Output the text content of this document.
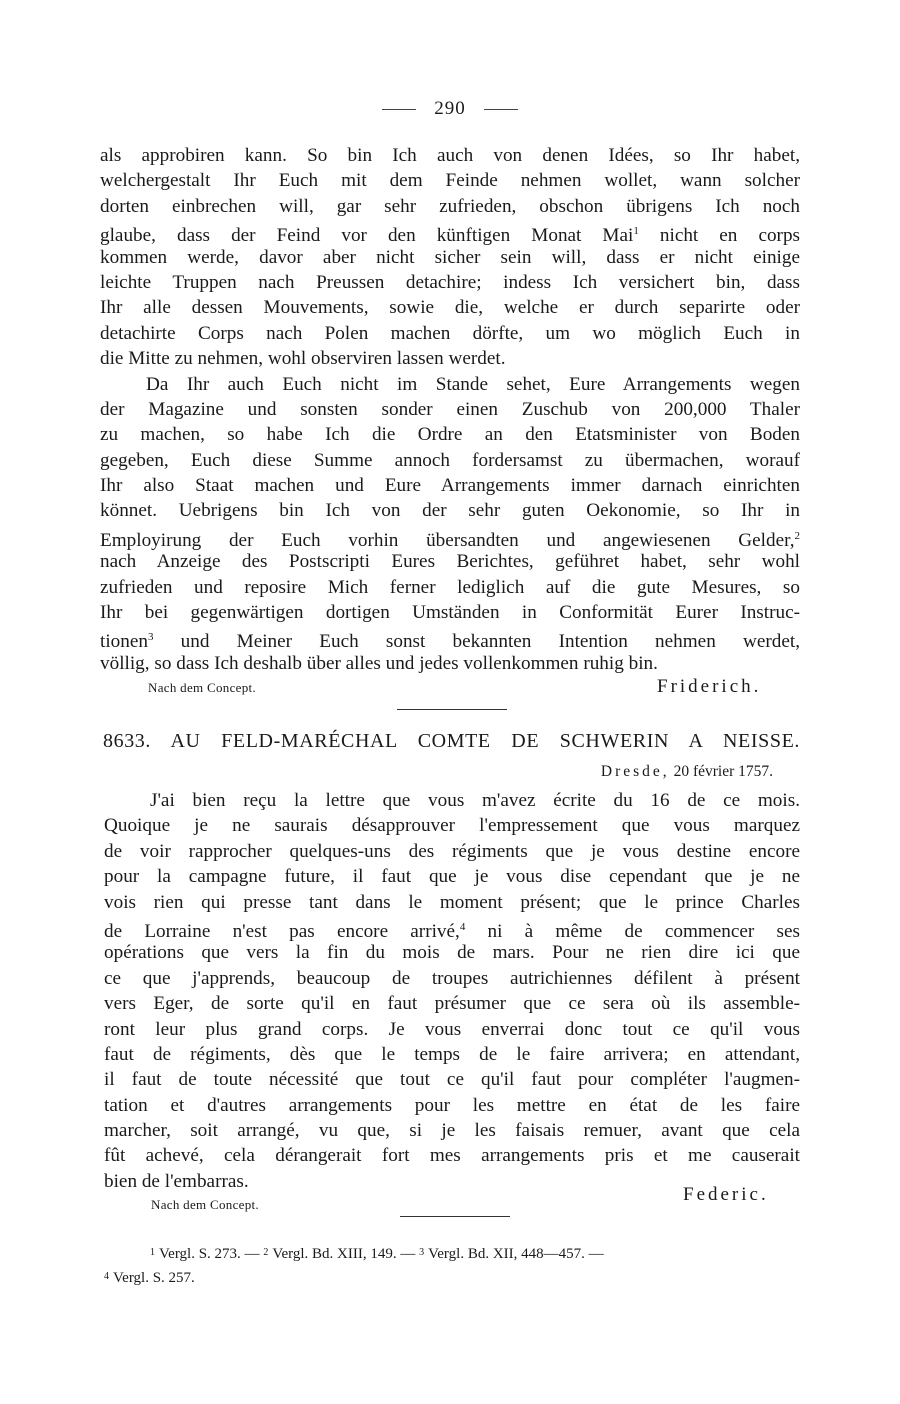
290
als approbiren kann. So bin Ich auch von denen Idées, so Ihr habet,
welchergestalt Ihr Euch mit dem Feinde nehmen wollet, wann solcher
dorten einbrechen will, gar sehr zufrieden, obschon übrigens Ich noch
glaube, dass der Feind vor den künftigen Monat Mai$^1$ nicht en corps
kommen werde, davor aber nicht sicher sein will, dass er nicht einige
leichte Truppen nach Preussen detachire; indess Ich versichert bin, dass
Ihr alle dessen Mouvements, sowie die, welche er durch separirte oder
detachirte Corps nach Polen machen dörfte, um wo möglich Euch in
die Mitte zu nehmen, wohl observiren lassen werdet.
Da Ihr auch Euch nicht im Stande sehet, Eure Arrangements wegen
der Magazine und sonsten sonder einen Zuschub von 200,000 Thaler
zu machen, so habe Ich die Ordre an den Etatsminister von Boden
gegeben, Euch diese Summe annoch fordersamst zu übermachen, worauf
Ihr also Staat machen und Eure Arrangements immer darnach einrichten
könnet. Uebrigens bin Ich von der sehr guten Oekonomie, so Ihr in
Employirung der Euch vorhin übersandten und angewiesenen Gelder,$^2$
nach Anzeige des Postscripti Eures Berichtes, geführet habet, sehr wohl
zufrieden und reposire Mich ferner lediglich auf die gute Mesures, so
Ihr bei gegenwärtigen dortigen Umständen in Conformität Eurer Instruc-
tionen$^3$ und Meiner Euch sonst bekannten Intention nehmen werdet,
völlig, so dass Ich deshalb über alles und jedes vollenkommen ruhig bin.
Nach dem Concept.	Friderich.
8633. AU FELD-MARÉCHAL COMTE DE SCHWERIN A NEISSE.
Dresde, 20 février 1757.
J'ai bien reçu la lettre que vous m'avez écrite du 16 de ce mois.
Quoique je ne saurais désapprouver l'empressement que vous marquez
de voir rapprocher quelques-uns des régiments que je vous destine encore
pour la campagne future, il faut que je vous dise cependant que je ne
vois rien qui presse tant dans le moment présent; que le prince Charles
de Lorraine n'est pas encore arrivé,$^4$ ni à même de commencer ses
opérations que vers la fin du mois de mars. Pour ne rien dire ici que
ce que j'apprends, beaucoup de troupes autrichiennes défilent à présent
vers Eger, de sorte qu'il en faut présumer que ce sera où ils assemble-
ront leur plus grand corps. Je vous enverrai donc tout ce qu'il vous
faut de régiments, dès que le temps de le faire arrivera; en attendant,
il faut de toute nécessité que tout ce qu'il faut pour compléter l'augmen-
tation et d'autres arrangements pour les mettre en état de les faire
marcher, soit arrangé, vu que, si je les faisais remuer, avant que cela
fût achevé, cela dérangerait fort mes arrangements pris et me causerait
bien de l'embarras.
Nach dem Concept.	Federic.
$^1$ Vergl. S. 273. — $^2$ Vergl. Bd. XIII, 149. — $^3$ Vergl. Bd. XII, 448—457. —
$^4$ Vergl. S. 257.
